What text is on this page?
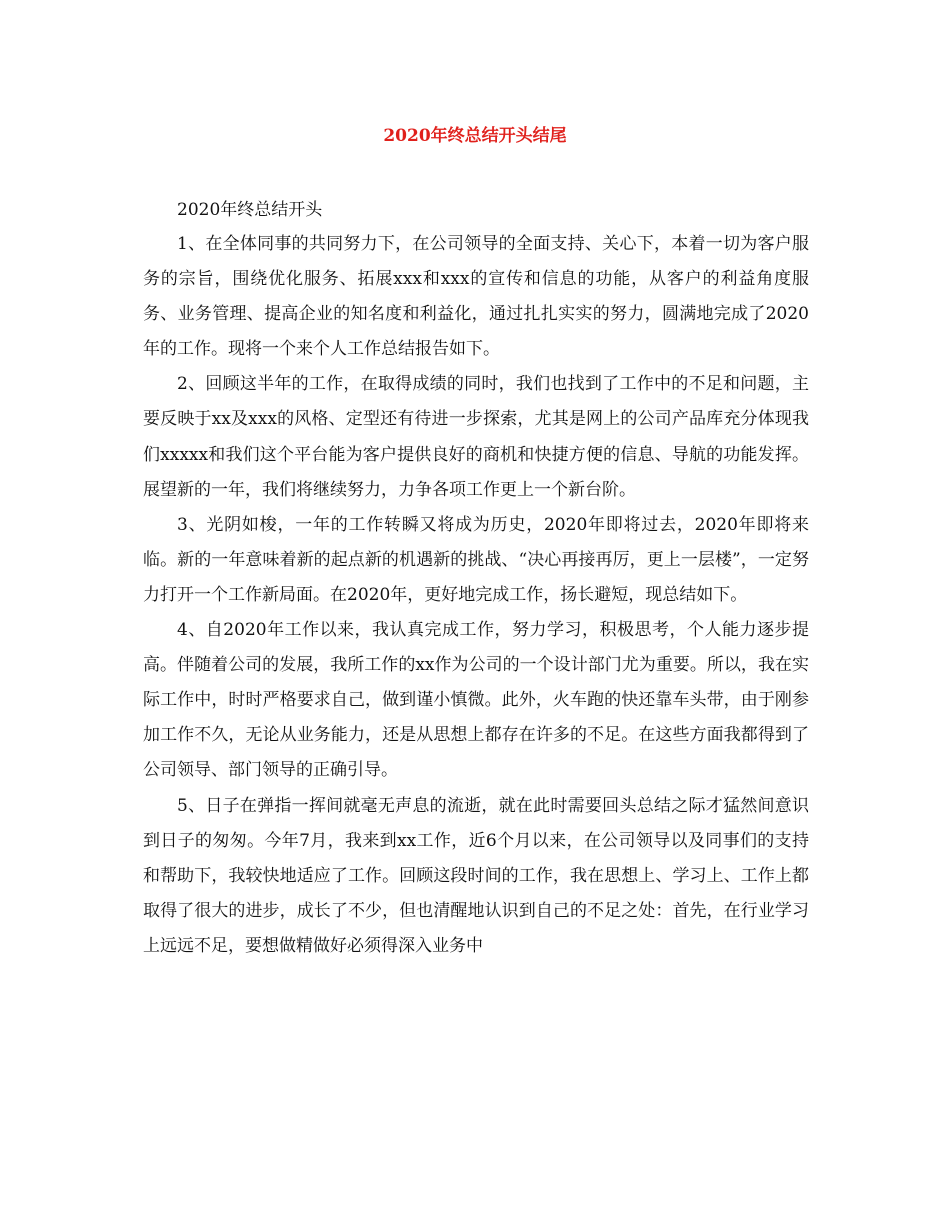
2020年终总结开头结尾

2020年终总结开头

1、在全体同事的共同努力下，在公司领导的全面支持、关心下，本着一切为客户服务的宗旨，围绕优化服务、拓展xxx和xxx的宣传和信息的功能，从客户的利益角度服务、业务管理、提高企业的知名度和利益化，通过扎扎实实的努力，圆满地完成了2020年的工作。现将一个来个人工作总结报告如下。

2、回顾这半年的工作，在取得成绩的同时，我们也找到了工作中的不足和问题，主要反映于xx及xxx的风格、定型还有待进一步探索，尤其是网上的公司产品库充分体现我们xxxxx和我们这个平台能为客户提供良好的商机和快捷方便的信息、导航的功能发挥。展望新的一年，我们将继续努力，力争各项工作更上一个新台阶。

3、光阴如梭，一年的工作转瞬又将成为历史，2020年即将过去，2020年即将来临。新的一年意味着新的起点新的机遇新的挑战、“决心再接再厉，更上一层楼”，一定努力打开一个工作新局面。在2020年，更好地完成工作，扬长避短，现总结如下。

4、自2020年工作以来，我认真完成工作，努力学习，积极思考，个人能力逐步提高。伴随着公司的发展，我所工作的xx作为公司的一个设计部门尤为重要。所以，我在实际工作中，时时严格要求自己，做到谨小慎微。此外，火车跑的快还靠车头带，由于刚参加工作不久，无论从业务能力，还是从思想上都存在许多的不足。在这些方面我都得到了公司领导、部门领导的正确引导。

5、日子在弹指一挥间就毫无声息的流逝，就在此时需要回头总结之际才猛然间意识到日子的匆匆。今年7月，我来到xx工作，近6个月以来，在公司领导以及同事们的支持和帮助下，我较快地适应了工作。回顾这段时间的工作，我在思想上、学习上、工作上都取得了很大的进步，成长了不少，但也清醒地认识到自己的不足之处：首先，在行业学习上远远不足，要想做精做好必须得深入业务中
